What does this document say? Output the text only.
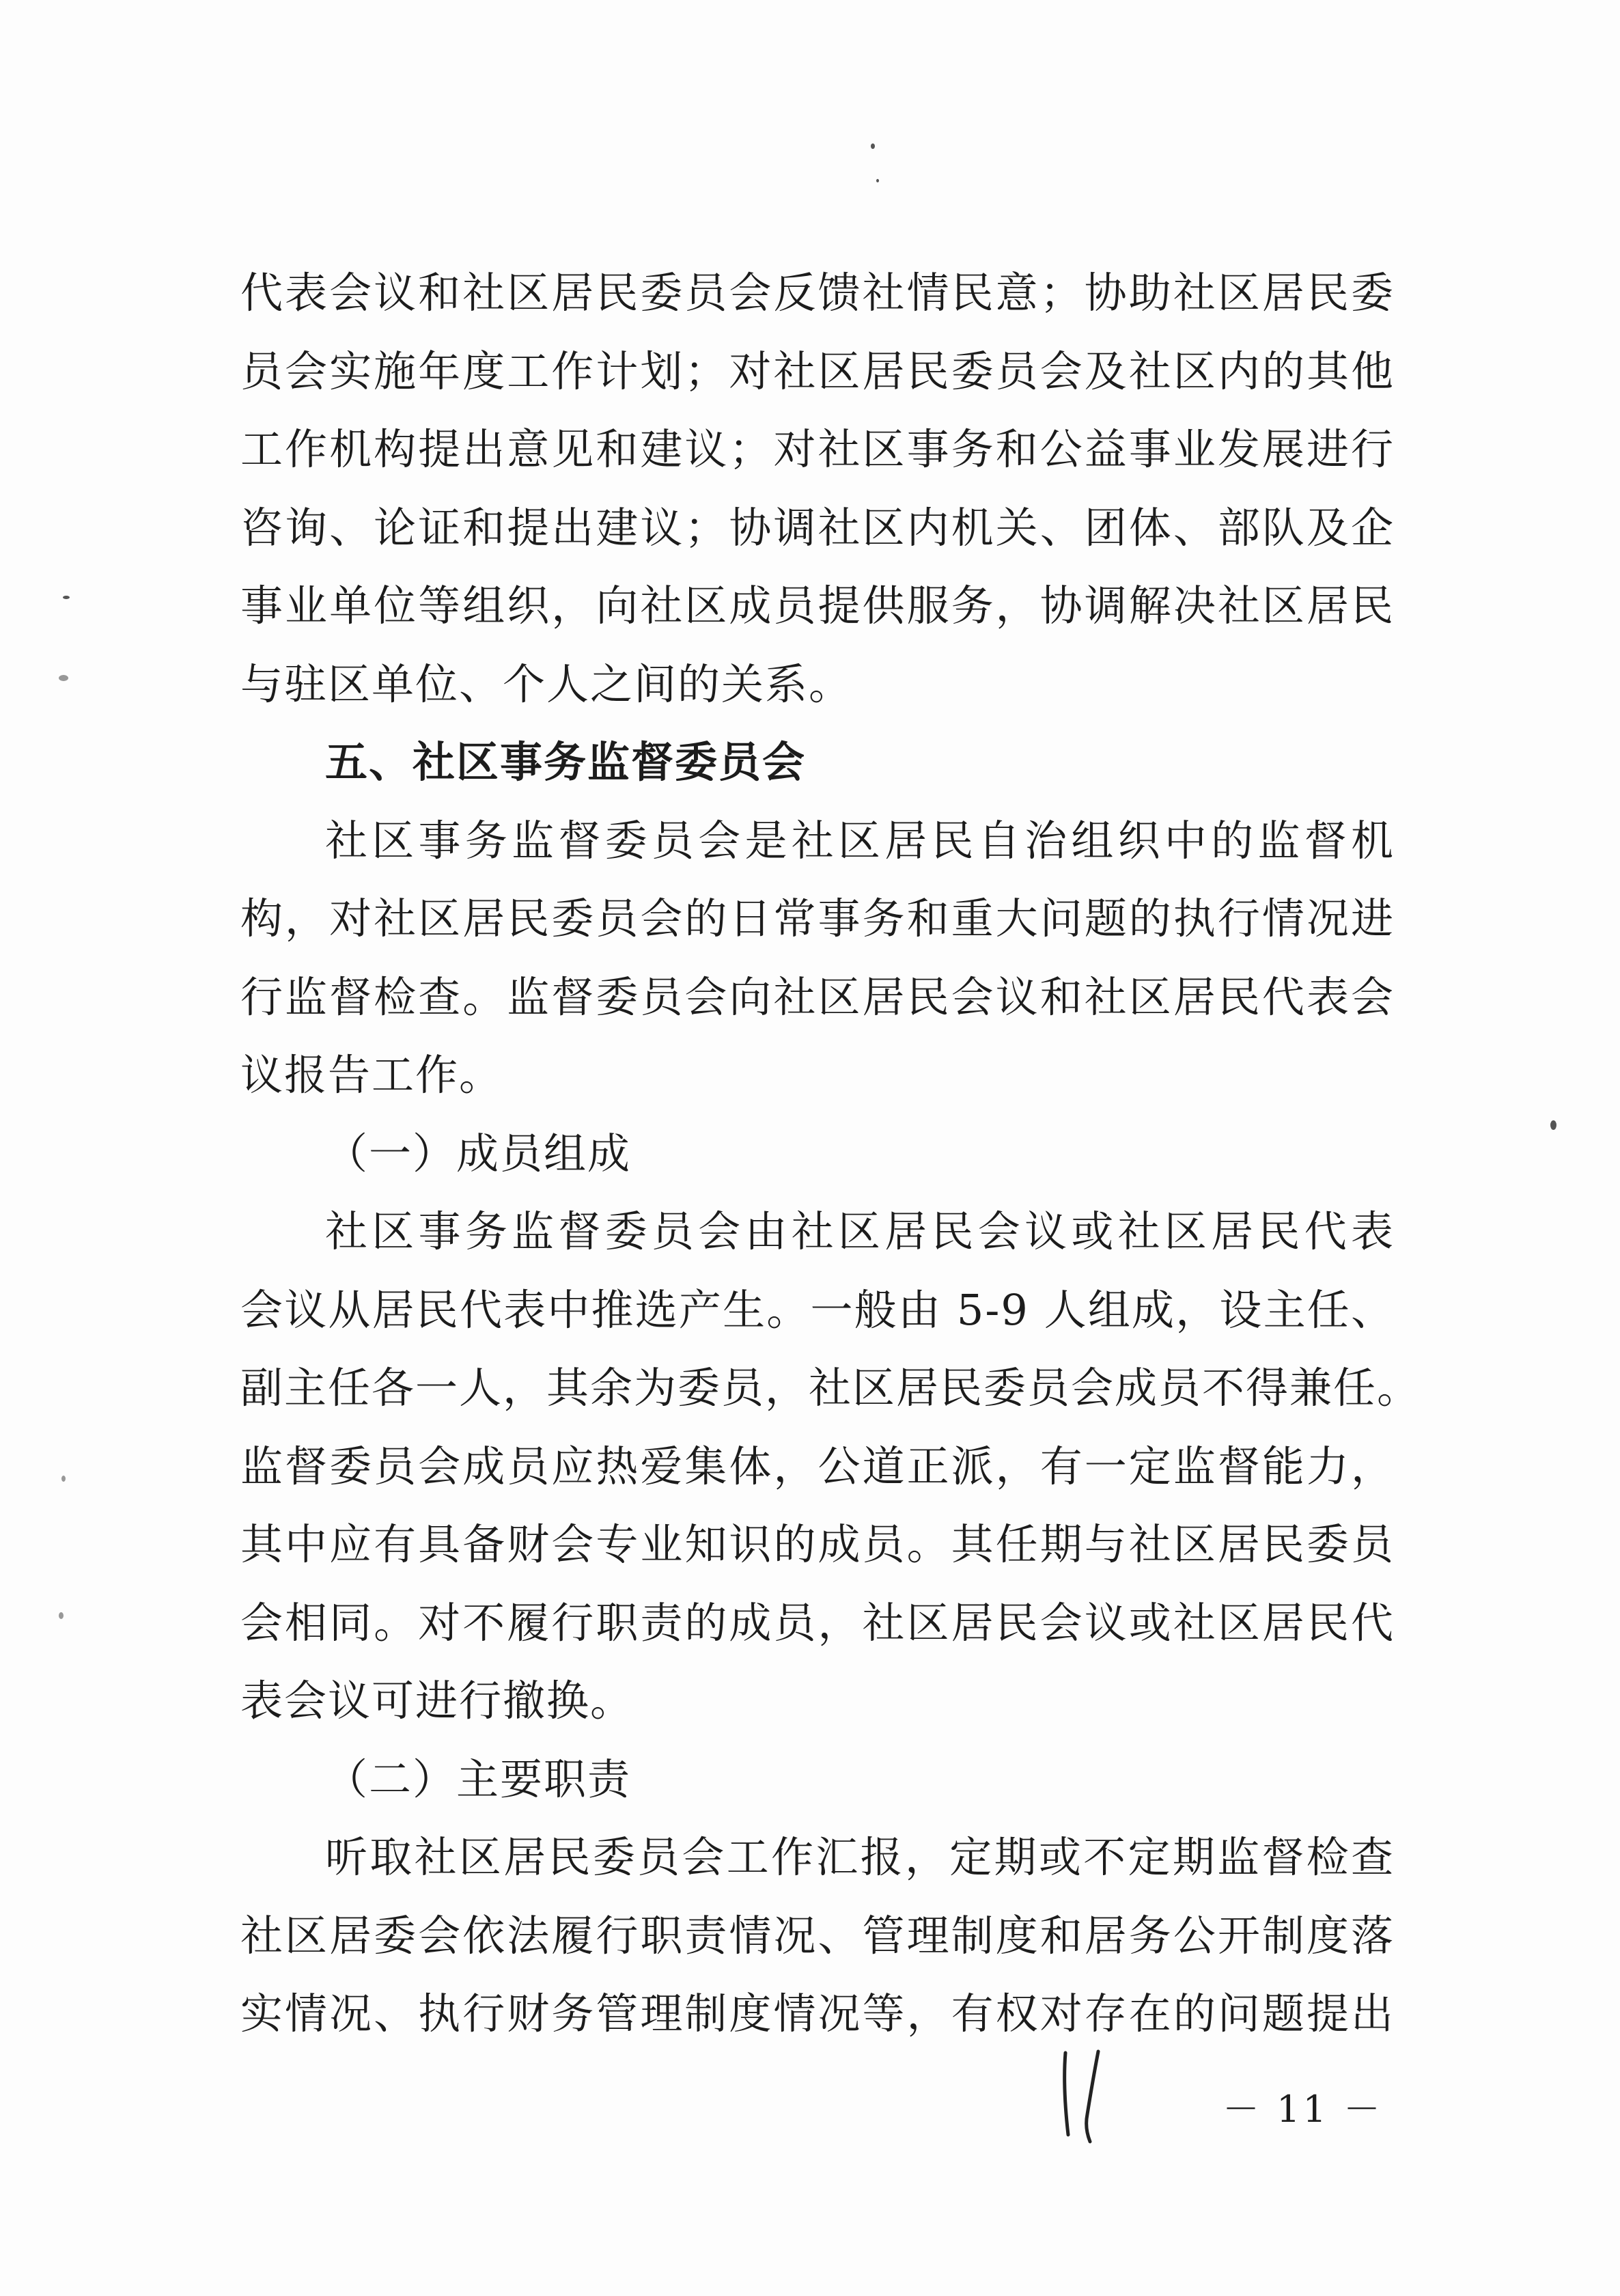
代表会议和社区居民委员会反馈社情民意；协助社区居民委
员会实施年度工作计划；对社区居民委员会及社区内的其他
工作机构提出意见和建议；对社区事务和公益事业发展进行
咨询、论证和提出建议；协调社区内机关、团体、部队及企
事业单位等组织，向社区成员提供服务，协调解决社区居民
与驻区单位、个人之间的关系。
五、社区事务监督委员会
社区事务监督委员会是社区居民自治组织中的监督机
构，对社区居民委员会的日常事务和重大问题的执行情况进
行监督检查。监督委员会向社区居民会议和社区居民代表会
议报告工作。
（一）成员组成
社区事务监督委员会由社区居民会议或社区居民代表
会议从居民代表中推选产生。一般由 5-9 人组成，设主任、
副主任各一人，其余为委员，社区居民委员会成员不得兼任。
监督委员会成员应热爱集体，公道正派，有一定监督能力，
其中应有具备财会专业知识的成员。其任期与社区居民委员
会相同。对不履行职责的成员，社区居民会议或社区居民代
表会议可进行撤换。
（二）主要职责
听取社区居民委员会工作汇报，定期或不定期监督检查
社区居委会依法履行职责情况、管理制度和居务公开制度落
实情况、执行财务管理制度情况等，有权对存在的问题提出
－ 11 －
